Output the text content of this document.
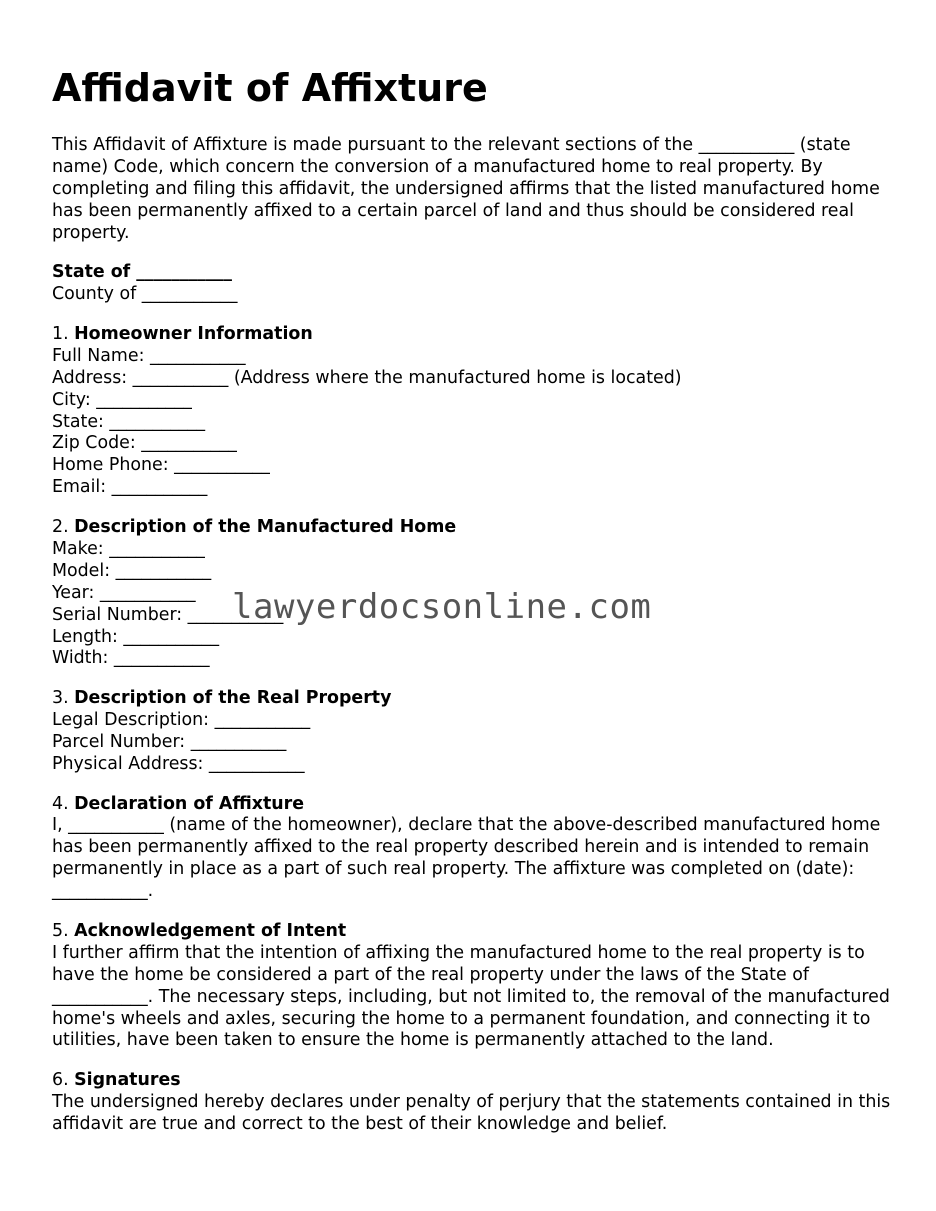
Affidavit of Affixture

This Affidavit of Affixture is made pursuant to the relevant sections of the ___________ (state name) Code, which concern the conversion of a manufactured home to real property. By completing and filing this affidavit, the undersigned affirms that the listed manufactured home has been permanently affixed to a certain parcel of land and thus should be considered real property.

State of ___________
County of ___________
1. Homeowner Information
Full Name: ___________
Address: ___________ (Address where the manufactured home is located)
City: ___________
State: ___________
Zip Code: ___________
Home Phone: ___________
Email: ___________
2. Description of the Manufactured Home
Make: ___________
Model: ___________
Year: ___________
Serial Number: ___________
Length: ___________
Width: ___________
3. Description of the Real Property
Legal Description: ___________
Parcel Number: ___________
Physical Address: ___________
4. Declaration of Affixture
I, ___________ (name of the homeowner), declare that the above-described manufactured home has been permanently affixed to the real property described herein and is intended to remain permanently in place as a part of such real property. The affixture was completed on (date): ___________.
5. Acknowledgement of Intent
I further affirm that the intention of affixing the manufactured home to the real property is to have the home be considered a part of the real property under the laws of the State of ___________. The necessary steps, including, but not limited to, the removal of the manufactured home's wheels and axles, securing the home to a permanent foundation, and connecting it to utilities, have been taken to ensure the home is permanently attached to the land.
6. Signatures
The undersigned hereby declares under penalty of perjury that the statements contained in this affidavit are true and correct to the best of their knowledge and belief.
lawyerdocsonline.com
